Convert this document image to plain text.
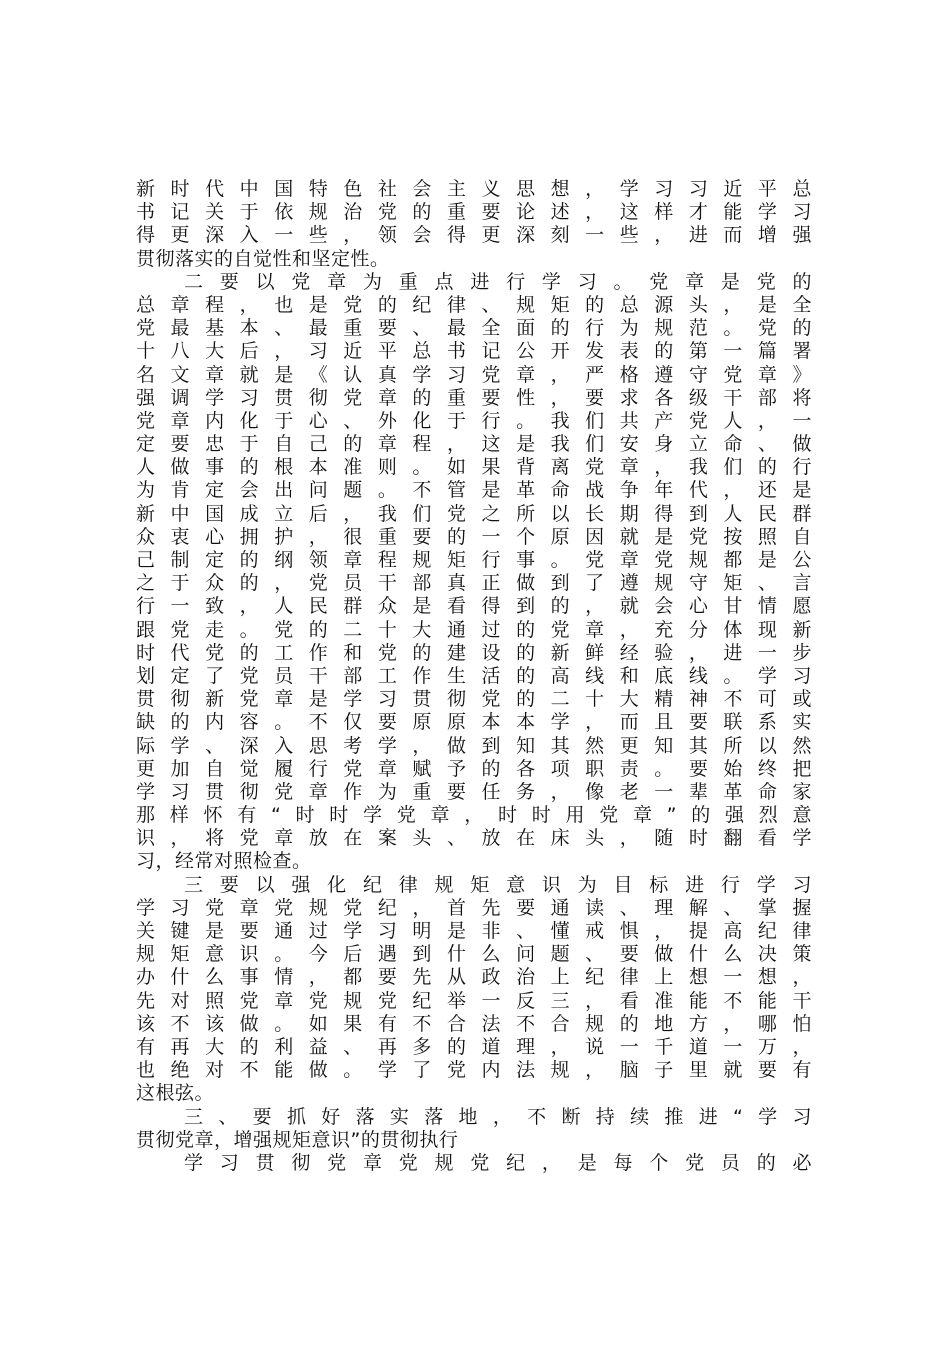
新时代中国特色社会主义思想，学习习近平总
书记关于依规治党的重要论述，这样才能学习
得更深入一些，领会得更深刻一些，进而增强
贯彻落实的自觉性和坚定性。
二要以党章为重点进行学习。党章是党的
总章程，也是党的纪律、规矩的总源头，是全
党最基本、最重要、最全面的行为规范。党的
十八大后，习近平总书记公开发表的第一篇署
名文章就是《认真学习党章，严格遵守党章》
强调学习贯彻党章的重要性，要求各级干部将
党章内化于心、外化于行。我们共产党人，一
定要忠于自己的章程，这是我们安身立命、做
人做事的根本准则。如果背离党章，我们的行
为肯定会出问题。不管是革命战争年代，还是
新中国成立后，我们党之所以长期得到人民群
众衷心拥护，很重要的一个原因就是党按照自
己制定的纲领章程规矩行事。党章党规都是公
之于众的，党员干部真正做到了遵规守矩、言
行一致，人民群众是看得到的，就会心甘情愿
跟党走。党的二十大通过的党章，充分体现新
时代党的工作和党的建设的新鲜经验，进一步
划定了党员干部工作生活的高线和底线。学习
贯彻新党章是学习贯彻党的二十大精神不可或
缺的内容。不仅要原原本本学，而且要联系实
际学、深入思考学，做到知其然更知其所以然
更加自觉履行党章赋予的各项职责。要始终把
学习贯彻党章作为重要任务，像老一辈革命家
那样怀有“时时学党章，时时用党章”的强烈意
识，将党章放在案头、放在床头，随时翻看学
习，经常对照检查。
三要以强化纪律规矩意识为目标进行学习
学习党章党规党纪，首先要通读、理解、掌握
关键是要通过学习明是非、懂戒惧，提高纪律
规矩意识。今后遇到什么问题、要做什么决策
办什么事情，都要先从政治上纪律上想一想，
先对照党章党规党纪举一反三，看准能不能干
该不该做。如果有不合法不合规的地方，哪怕
有再大的利益、再多的道理，说一千道一万，
也绝对不能做。学了党内法规，脑子里就要有
这根弦。
三、要抓好落实落地，不断持续推进“学习
贯彻党章，增强规矩意识”的贯彻执行
学习贯彻党章党规党纪，是每个党员的必
